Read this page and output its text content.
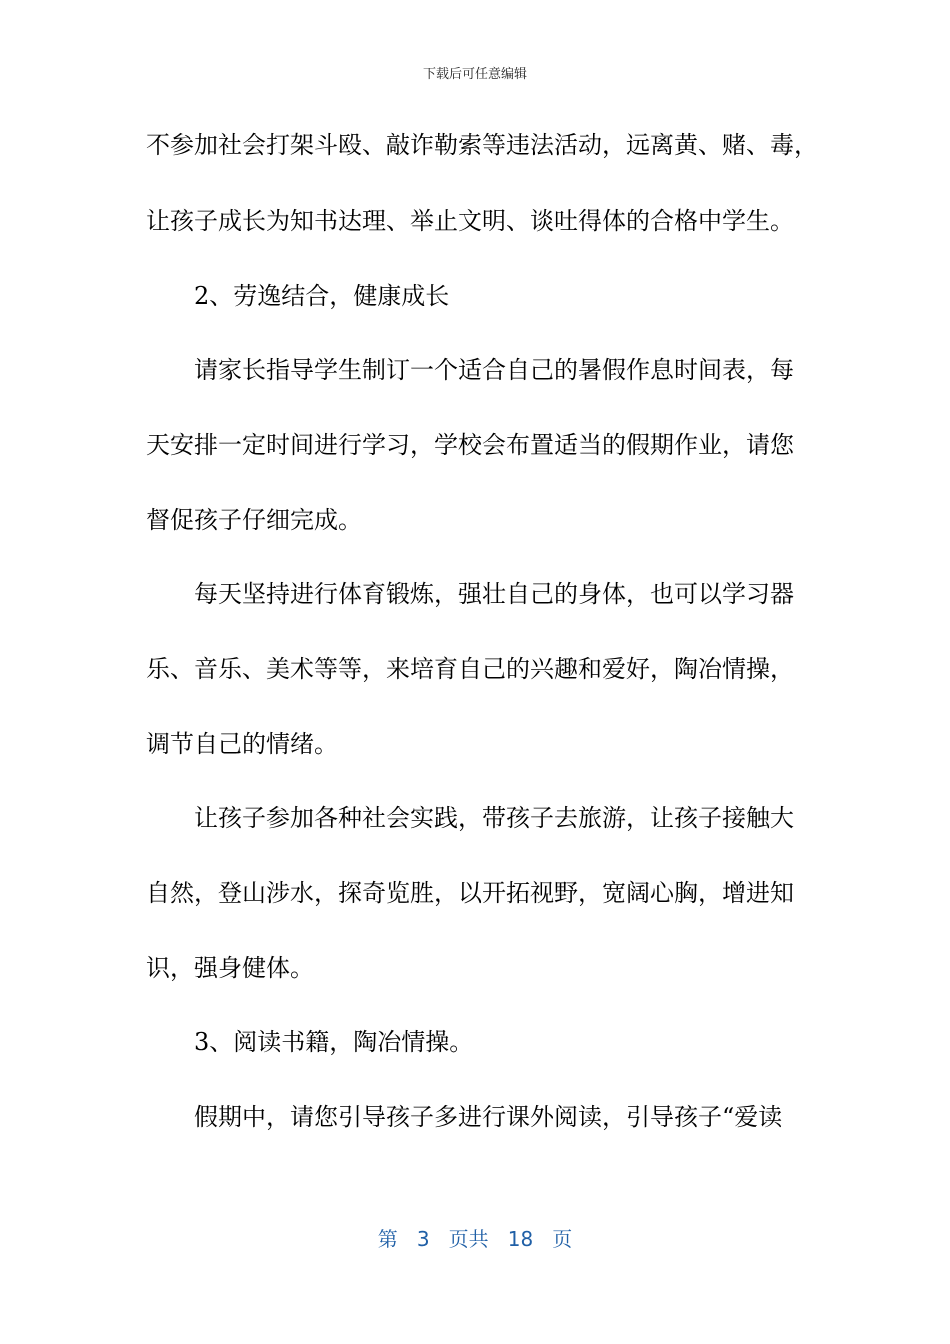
下载后可任意编辑
不参加社会打架斗殴、敲诈勒索等违法活动，远离黄、赌、毒，
让孩子成长为知书达理、举止文明、谈吐得体的合格中学生。
2、劳逸结合，健康成长
请家长指导学生制订一个适合自己的暑假作息时间表，每
天安排一定时间进行学习，学校会布置适当的假期作业，请您
督促孩子仔细完成。
每天坚持进行体育锻炼，强壮自己的身体，也可以学习器
乐、音乐、美术等等，来培育自己的兴趣和爱好，陶冶情操，
调节自己的情绪。
让孩子参加各种社会实践，带孩子去旅游，让孩子接触大
自然，登山涉水，探奇览胜，以开拓视野，宽阔心胸，增进知
识，强身健体。
3、阅读书籍，陶冶情操。
假期中，请您引导孩子多进行课外阅读，引导孩子“爱读
第 3 页共 18 页
